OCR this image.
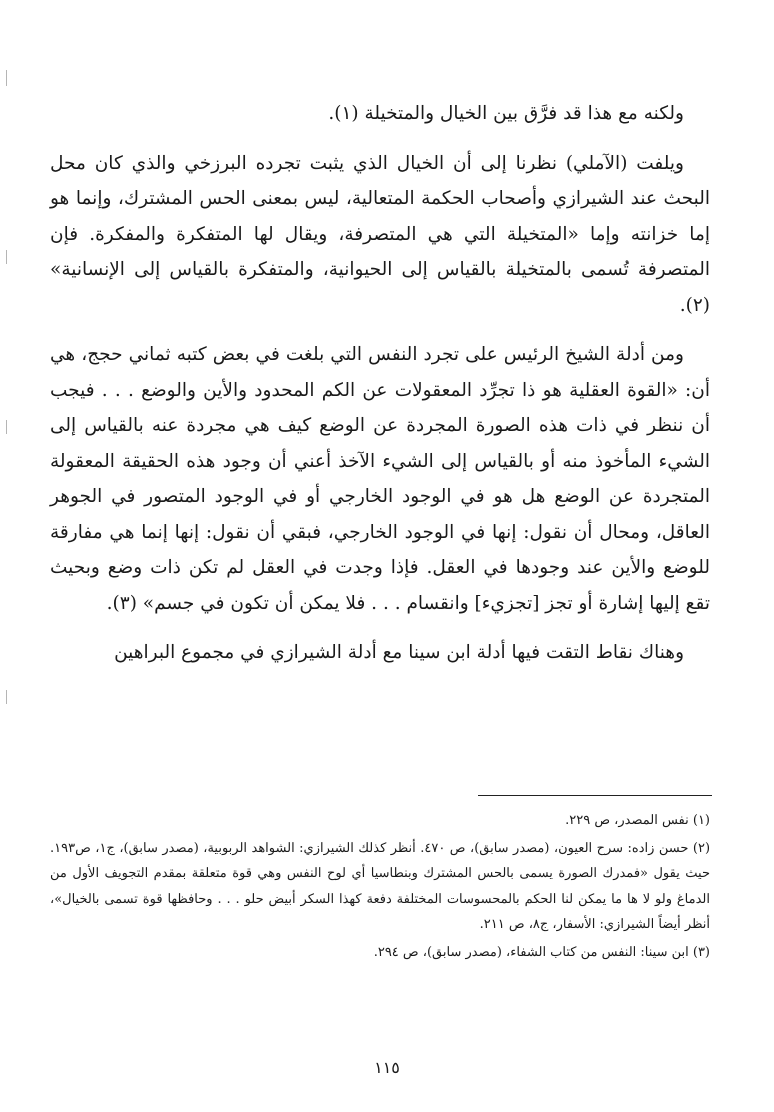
ولكنه مع هذا قد فرَّق بين الخيال والمتخيلة (١).

ويلفت (الآملي) نظرنا إلى أن الخيال الذي يثبت تجرده البرزخي والذي كان محل البحث عند الشيرازي وأصحاب الحكمة المتعالية، ليس بمعنى الحس المشترك، وإنما هو إما خزانته وإما «المتخيلة التي هي المتصرفة، ويقال لها المتفكرة والمفكرة. فإن المتصرفة تُسمى بالمتخيلة بالقياس إلى الحيوانية، والمتفكرة بالقياس إلى الإنسانية» (٢).

ومن أدلة الشيخ الرئيس على تجرد النفس التي بلغت في بعض كتبه ثماني حجج، هي أن: «القوة العقلية هو ذا تجرِّد المعقولات عن الكم المحدود والأين والوضع . . . فيجب أن ننظر في ذات هذه الصورة المجردة عن الوضع كيف هي مجردة عنه بالقياس إلى الشيء المأخوذ منه أو بالقياس إلى الشيء الآخذ أعني أن وجود هذه الحقيقة المعقولة المتجردة عن الوضع هل هو في الوجود الخارجي أو في الوجود المتصور في الجوهر العاقل، ومحال أن نقول: إنها في الوجود الخارجي، فبقي أن نقول: إنها إنما هي مفارقة للوضع والأين عند وجودها في العقل. فإذا وجدت في العقل لم تكن ذات وضع وبحيث تقع إليها إشارة أو تجز [تجزيء] وانقسام . . . فلا يمكن أن تكون في جسم» (٣).

وهناك نقاط التقت فيها أدلة ابن سينا مع أدلة الشيرازي في مجموع البراهين

(١) نفس المصدر، ص ٢٢٩.

(٢) حسن زاده: سرح العيون، (مصدر سابق)، ص ٤٧٠. أنظر كذلك الشيرازي: الشواهد الربوبية، (مصدر سابق)، ج١، ص١٩٣. حيث يقول «فمدرك الصورة يسمى بالحس المشترك وبنطاسيا أي لوح النفس وهي قوة متعلقة بمقدم التجويف الأول من الدماغ ولو لا ها ما يمكن لنا الحكم بالمحسوسات المختلفة دفعة كهذا السكر أبيض حلو . . . وحافظها قوة تسمى بالخيال»، أنظر أيضاً الشيرازي: الأسفار، ج٨، ص ٢١١.

(٣) ابن سينا: النفس من كتاب الشفاء، (مصدر سابق)، ص ٢٩٤.

١١٥
